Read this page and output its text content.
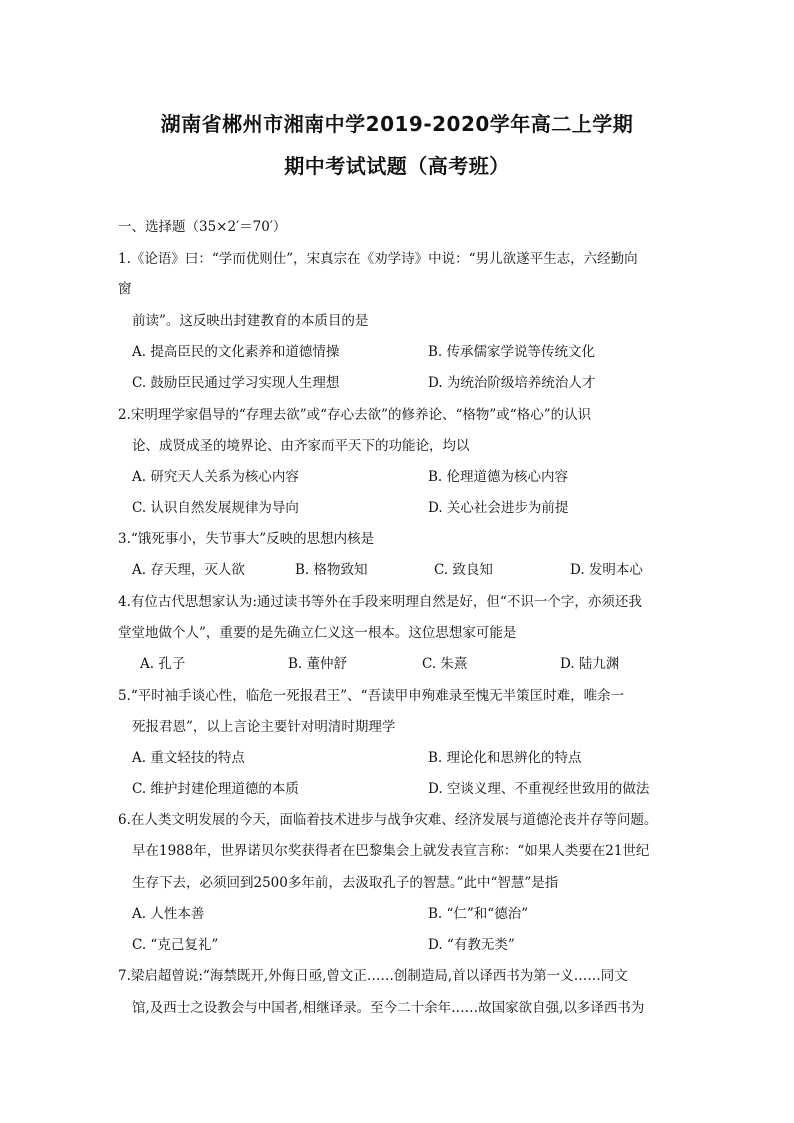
湖南省郴州市湘南中学2019-2020学年高二上学期
期中考试试题（高考班）
一、选择题（35×2′＝70′）
1.《论语》曰：“学而优则仕”，宋真宗在《劝学诗》中说：“男儿欲遂平生志，六经勤向
窗
前读”。这反映出封建教育的本质目的是
A. 提高臣民的文化素养和道德情操	B. 传承儒家学说等传统文化
C. 鼓励臣民通过学习实现人生理想	D. 为统治阶级培养统治人才
2.宋明理学家倡导的“存理去欲”或“存心去欲”的修养论、“格物”或“格心”的认识
论、成贤成圣的境界论、由齐家而平天下的功能论，均以
A. 研究天人关系为核心内容	B. 伦理道德为核心内容
C. 认识自然发展规律为导向	D. 关心社会进步为前提
3.“饿死事小，失节事大”反映的思想内核是
A. 存天理，灭人欲	B. 格物致知	C. 致良知	D. 发明本心
4.有位古代思想家认为:通过读书等外在手段来明理自然是好，但“不识一个字，亦须还我
堂堂地做个人”，重要的是先确立仁义这一根本。这位思想家可能是
A. 孔子	B. 董仲舒	C. 朱熹	D. 陆九渊
5.“平时袖手谈心性，临危一死报君王”、“吾读甲申殉难录至愧无半策匡时难，唯余一
死报君恩”，以上言论主要针对明清时期理学
A. 重文轻技的特点	B. 理论化和思辨化的特点
C. 维护封建伦理道德的本质	D. 空谈义理、不重视经世致用的做法
6.在人类文明发展的今天，面临着技术进步与战争灾难、经济发展与道德沦丧并存等问题。
早在1988年，世界诺贝尔奖获得者在巴黎集会上就发表宣言称：“如果人类要在21世纪
生存下去，必须回到2500多年前，去汲取孔子的智慧。”此中“智慧”是指
A. 人性本善	B. “仁”和“德治”
C. “克己复礼”	D. “有教无类”
7.梁启超曾说:“海禁既开,外侮日亟,曾文正……创制造局,首以译西书为第一义……同文
馆,及西士之设教会与中国者,相继译录。至今二十余年……故国家欲自强,以多译西书为
